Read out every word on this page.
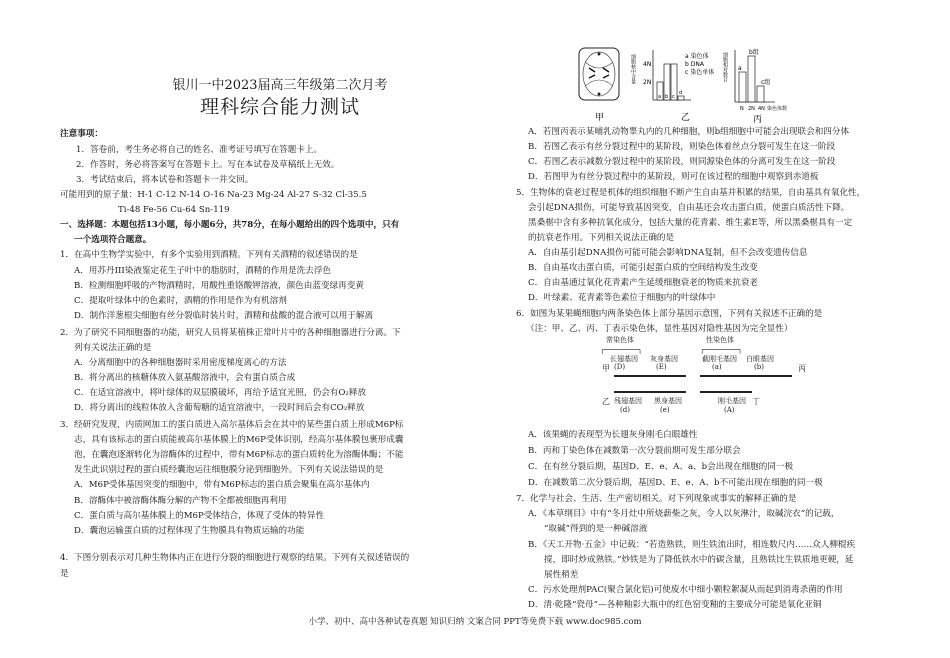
银川一中2023届高三年级第二次月考
理科综合能力测试
注意事项：
1．答卷前，考生务必将自己的姓名、准考证号填写在答题卡上。
2．作答时，务必将答案写在答题卡上。写在本试卷及草稿纸上无效。
3．考试结束后，将本试卷和答题卡一并交回。
可能用到的原子量：H-1 C-12 N-14 O-16 Na-23 Mg-24 Al-27 S-32 Cl-35.5
Ti-48 Fe-56 Cu-64 Sn-119
一、选择题：本题包括13小题，每小题6分，共78分，在每小题给出的四个选项中，只有
一个选项符合题意。
1．在高中生物学实验中，有多个实验用到酒精。下列有关酒精的叙述错误的是
A．用苏丹III染液鉴定花生子叶中的脂肪时，酒精的作用是洗去浮色
B．检测细胞呼吸的产物酒精时，用酸性重铬酸钾溶液，颜色由蓝变绿再变黄
C．提取叶绿体中的色素时，酒精的作用是作为有机溶剂
D．制作洋葱根尖细胞有丝分裂临时装片时，酒精和盐酸的混合液可以用于解离
2．为了研究不同细胞器的功能，研究人员将某植株正常叶片中的各种细胞器进行分离。下
列有关说法正确的是
A．分离细胞中的各种细胞器时采用密度梯度离心的方法
B．将分离出的核糖体放入氨基酸溶液中，会有蛋白质合成
C．在适宜溶液中，将叶绿体的双层膜破坏，再给予适宜光照，仍会有O₂释放
D．将分离出的线粒体放入含葡萄糖的适宜溶液中，一段时间后会有CO₂释放
3．经研究发现，内质网加工的蛋白质进入高尔基体后会在其中的某些蛋白质上形成M6P标
志，具有该标志的蛋白质能被高尔基体膜上的M6P受体识别，经高尔基体膜包裹形成囊
泡，在囊泡逐渐转化为溶酶体的过程中，带有M6P标志的蛋白质转化为溶酶体酶；不能
发生此识别过程的蛋白质经囊泡运往细胞膜分泌到细胞外。下列有关说法错误的是
A．M6P受体基因突变的细胞中，带有M6P标志的蛋白质会聚集在高尔基体内
B．溶酶体中被溶酶体酶分解的产物不全都被细胞再利用
C．蛋白质与高尔基体膜上的M6P受体结合，体现了受体的特异性
D．囊泡运输蛋白质的过程体现了生物膜具有物质运输的功能
4．下图分别表示对几种生物体内正在进行分裂的细胞进行观察的结果。下列有关叙述错误的
是
甲
细胞核中含量 4N
2N
a b c
d
a 染色体
b DNA
c 染色单体
乙
细胞相对数目 a
b组
c组
N 2N 4N 染色体数
丙
A．若图丙表示某哺乳动物睾丸内的几种细胞，则b组细胞中可能会出现联会和四分体
B．若图乙表示有丝分裂过程中的某阶段，则染色体着丝点分裂可发生在这一阶段
C．若图乙表示减数分裂过程中的某阶段，则同源染色体的分离可发生在这一阶段
D．若图甲为有丝分裂过程中的某阶段，则可在该过程的细胞中观察到赤道板
5．生物体的衰老过程是机体的组织细胞不断产生自由基并积累的结果，自由基具有氧化性，
会引起DNA损伤，可能导致基因突变，自由基还会攻击蛋白质，使蛋白质活性下降。
黑桑椹中含有多种抗氧化成分，包括大量的花青素、维生素E等，所以黑桑椹具有一定
的抗衰老作用。下列相关说法正确的是
A．自由基引起DNA损伤可能可能会影响DNA复制，但不会改变遗传信息
B．自由基攻击蛋白质，可能引起蛋白质的空间结构发生改变
C．自由基通过氧化花青素产生延缓细胞衰老的物质来抗衰老
D．叶绿素、花青素等色素位于细胞内的叶绿体中
6．如图为某果蝇细胞内两条染色体上部分基因示意图，下列有关叙述不正确的是
（注：甲、乙、丙、丁表示染色体，显性基因对隐性基因为完全显性）
常染色体	性染色体
┌────────┐	┌────────┐
长翅基因 灰身基因	截刚毛基因 白眼基因
(D)	(E)	(a)	(b)
甲	丙
乙	丁
残翅基因 黑身基因	刚毛基因
(d)	(e)	(A)
A．该果蝇的表现型为长翅灰身刚毛白眼雄性
B．丙和丁染色体在减数第一次分裂前期可发生部分联会
C．在有丝分裂后期，基因D、E、e、A、a、b会出现在细胞的同一极
D．在减数第二次分裂后期，基因D、E、e、A、b不可能出现在细胞的同一极
7．化学与社会、生活、生产密切相关。对下列现象或事实的解释正确的是
A．《本草纲目》中有“冬月灶中所烧薪柴之灰，令人以灰淋汁，取碱浣衣”的记载，
“取碱”得到的是一种碱溶液
B．《天工开物·五金》中记载：“若造熟铁，则生铁流出时，相连数尺内……众人柳棍疾
搅，即时炒成熟铁。”炒铁是为了降低铁水中的碳含量，且熟铁比生铁质地更硬，延
展性稍差
C．污水处理剂PAC(聚合氯化铝)可使废水中细小颗粒絮凝从而起到消毒杀菌的作用
D．清·乾隆“瓷母”—各种釉彩大瓶中的红色窑变釉的主要成分可能是氧化亚铜
小学、初中、高中各种试卷真题 知识归纳 文案合同 PPT等免费下载 www.doc985.com
